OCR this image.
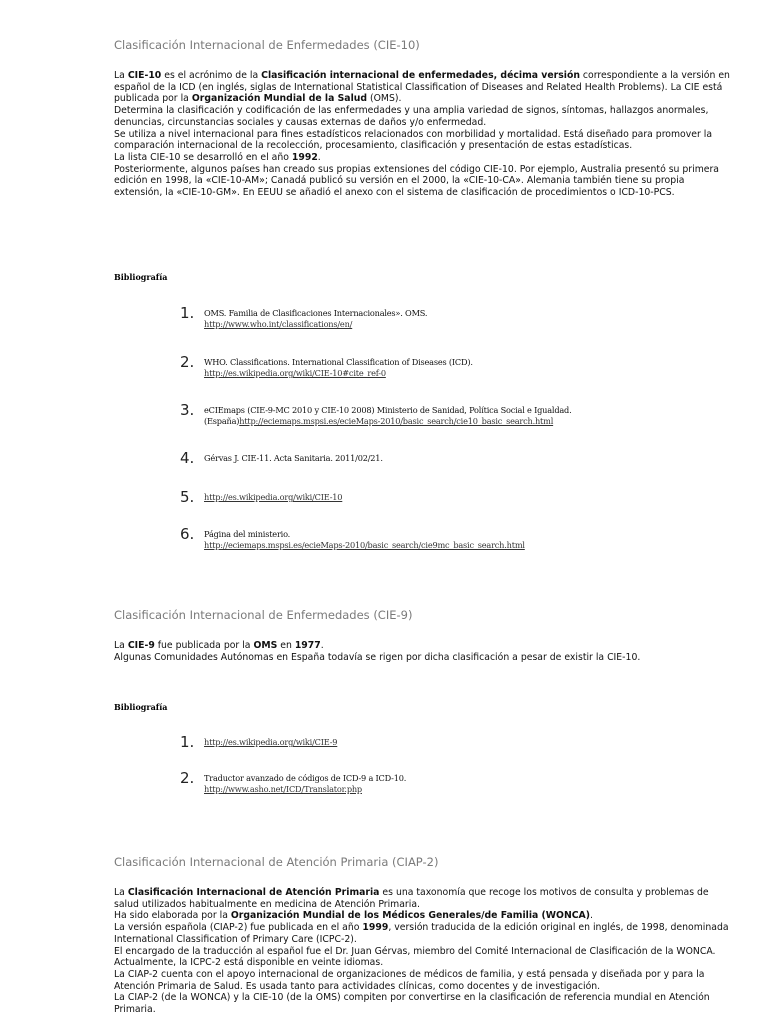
Clasificación Internacional de Enfermedades (CIE-10)

La CIE-10 es el acrónimo de la Clasificación internacional de enfermedades, décima versión correspondiente a la versión en español de la ICD (en inglés, siglas de International Statistical Classification of Diseases and Related Health Problems). La CIE está publicada por la Organización Mundial de la Salud (OMS).

Determina la clasificación y codificación de las enfermedades y una amplia variedad de signos, síntomas, hallazgos anormales, denuncias, circunstancias sociales y causas externas de daños y/o enfermedad.

Se utiliza a nivel internacional para fines estadísticos relacionados con morbilidad y mortalidad. Está diseñado para promover la comparación internacional de la recolección, procesamiento, clasificación y presentación de estas estadísticas.

La lista CIE-10 se desarrolló en el año 1992.

Posteriormente, algunos países han creado sus propias extensiones del código CIE-10. Por ejemplo, Australia presentó su primera edición en 1998, la «CIE-10-AM»; Canadá publicó su versión en el 2000, la «CIE-10-CA». Alemania también tiene su propia extensión, la «CIE-10-GM». En EEUU se añadió el anexo con el sistema de clasificación de procedimientos o ICD-10-PCS.

Bibliografía
1. OMS. Familia de Clasificaciones Internacionales». OMS.
http://www.who.int/classifications/en/
2. WHO. Classifications. International Classification of Diseases (ICD).
http://es.wikipedia.org/wiki/CIE-10#cite_ref-0
3. eCIEmaps (CIE-9-MC 2010 y CIE-10 2008) Ministerio de Sanidad, Política Social e Igualdad. (España)http://eciemaps.mspsi.es/ecieMaps-2010/basic_search/cie10_basic_search.html
4. Gérvas J. CIE-11. Acta Sanitaria. 2011/02/21.
5. http://es.wikipedia.org/wiki/CIE-10
6. Página del ministerio.
http://eciemaps.mspsi.es/ecieMaps-2010/basic_search/cie9mc_basic_search.html
Clasificación Internacional de Enfermedades (CIE-9)

La CIE-9 fue publicada por la OMS en 1977.

Algunas Comunidades Autónomas en España todavía se rigen por dicha clasificación a pesar de existir la CIE-10.

Bibliografía
1. http://es.wikipedia.org/wiki/CIE-9
2. Traductor avanzado de códigos de ICD-9 a ICD-10.
http://www.asho.net/ICD/Translator.php
Clasificación Internacional de Atención Primaria (CIAP-2)

La Clasificación Internacional de Atención Primaria es una taxonomía que recoge los motivos de consulta y problemas de salud utilizados habitualmente en medicina de Atención Primaria.

Ha sido elaborada por la Organización Mundial de los Médicos Generales/de Familia (WONCA).

La versión española (CIAP-2) fue publicada en el año 1999, versión traducida de la edición original en inglés, de 1998, denominada International Classification of Primary Care (ICPC-2).

El encargado de la traducción al español fue el Dr. Juan Gérvas, miembro del Comité Internacional de Clasificación de la WONCA. Actualmente, la ICPC-2 está disponible en veinte idiomas.

La CIAP-2 cuenta con el apoyo internacional de organizaciones de médicos de familia, y está pensada y diseñada por y para la Atención Primaria de Salud. Es usada tanto para actividades clínicas, como docentes y de investigación.

La CIAP-2 (de la WONCA) y la CIE-10 (de la OMS) compiten por convertirse en la clasificación de referencia mundial en Atención Primaria.
